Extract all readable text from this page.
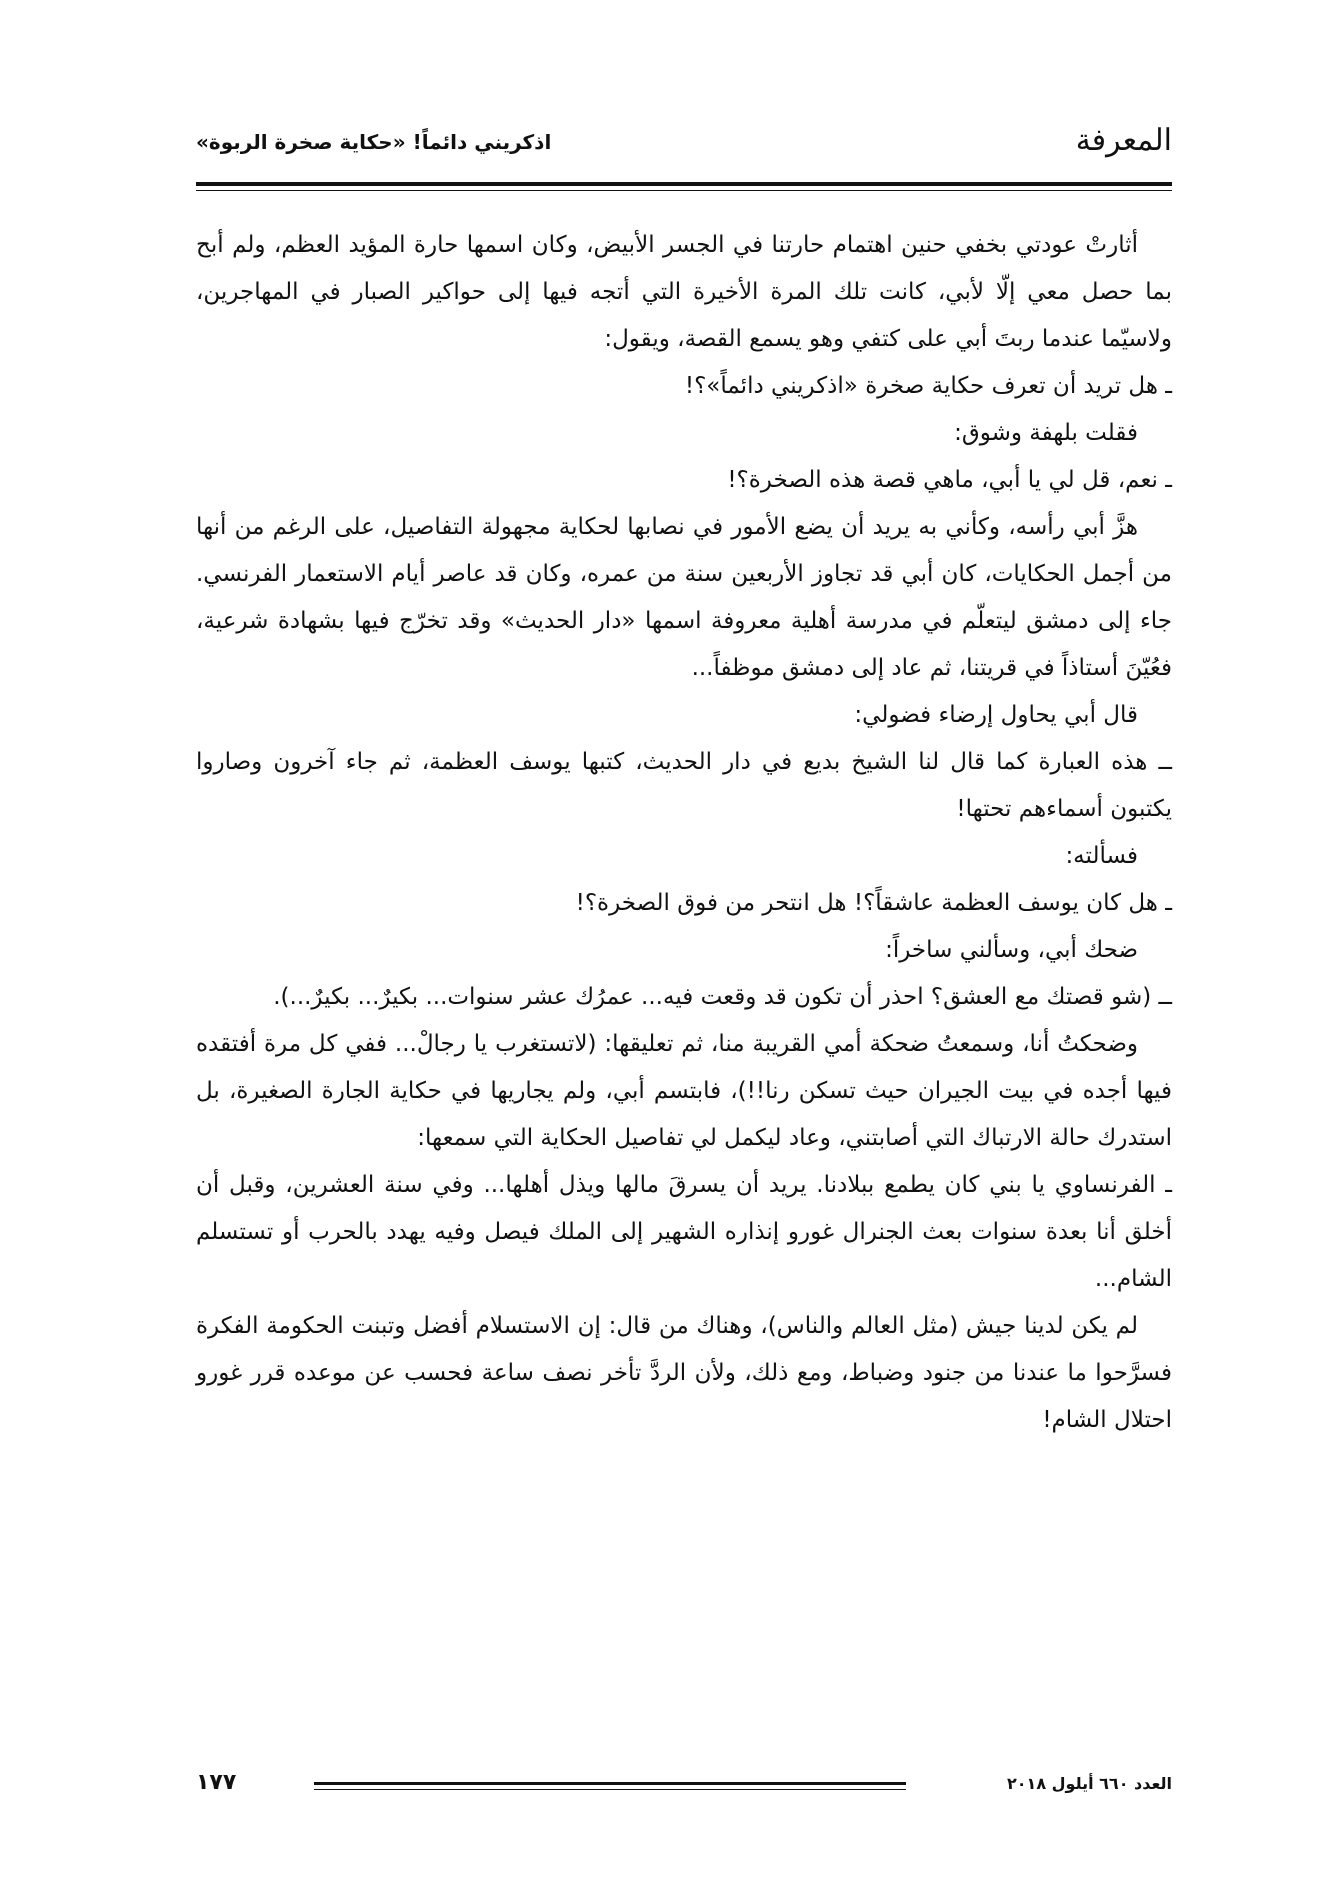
اذكريني دائماً! «حكاية صخرة الربوة»	المعرفة

أثارتْ عودتي بخفي حنين اهتمام حارتنا في الجسر الأبيض، وكان اسمها حارة المؤيد العظم، ولم أبح بما حصل معي إلّا لأبي، كانت تلك المرة الأخيرة التي أتجه فيها إلى حواكير الصبار في المهاجرين، ولاسيّما عندما ربتَ أبي على كتفي وهو يسمع القصة، ويقول:

ـ هل تريد أن تعرف حكاية صخرة «اذكريني دائماً»؟!

فقلت بلهفة وشوق:

ـ نعم، قل لي يا أبي، ماهي قصة هذه الصخرة؟!

هزَّ أبي رأسه، وكأني به يريد أن يضع الأمور في نصابها لحكاية مجهولة التفاصيل، على الرغم من أنها من أجمل الحكايات، كان أبي قد تجاوز الأربعين سنة من عمره، وكان قد عاصر أيام الاستعمار الفرنسي. جاء إلى دمشق ليتعلّم في مدرسة أهلية معروفة اسمها «دار الحديث» وقد تخرّج فيها بشهادة شرعية، فعُيّنَ أستاذاً في قريتنا، ثم عاد إلى دمشق موظفاً...

قال أبي يحاول إرضاء فضولي:

ــ هذه العبارة كما قال لنا الشيخ بديع في دار الحديث، كتبها يوسف العظمة، ثم جاء آخرون وصاروا يكتبون أسماءهم تحتها!

فسألته:

ـ هل كان يوسف العظمة عاشقاً؟! هل انتحر من فوق الصخرة؟!

ضحك أبي، وسألني ساخراً:

ــ (شو قصتك مع العشق؟ احذر أن تكون قد وقعت فيه... عمرُك عشر سنوات... بكيرٌ... بكيرٌ...).

وضحكتُ أنا، وسمعتُ ضحكة أمي القريبة منا، ثم تعليقها: (لاتستغرب يا رجالْ... ففي كل مرة أفتقده فيها أجده في بيت الجيران حيث تسكن رنا!!)، فابتسم أبي، ولم يجاريها في حكاية الجارة الصغيرة، بل استدرك حالة الارتباك التي أصابتني، وعاد ليكمل لي تفاصيل الحكاية التي سمعها:

ـ الفرنساوي يا بني كان يطمع ببلادنا. يريد أن يسرقَ مالها ويذل أهلها... وفي سنة العشرين، وقبل أن أخلق أنا بعدة سنوات بعث الجنرال غورو إنذاره الشهير إلى الملك فيصل وفيه يهدد بالحرب أو تستسلم الشام...

لم يكن لدينا جيش (مثل العالم والناس)، وهناك من قال: إن الاستسلام أفضل وتبنت الحكومة الفكرة فسرَّحوا ما عندنا من جنود وضباط، ومع ذلك، ولأن الردَّ تأخر نصف ساعة فحسب عن موعده قرر غورو احتلال الشام!

العدد ٦٦٠ أيلول ٢٠١٨
١٧٧
